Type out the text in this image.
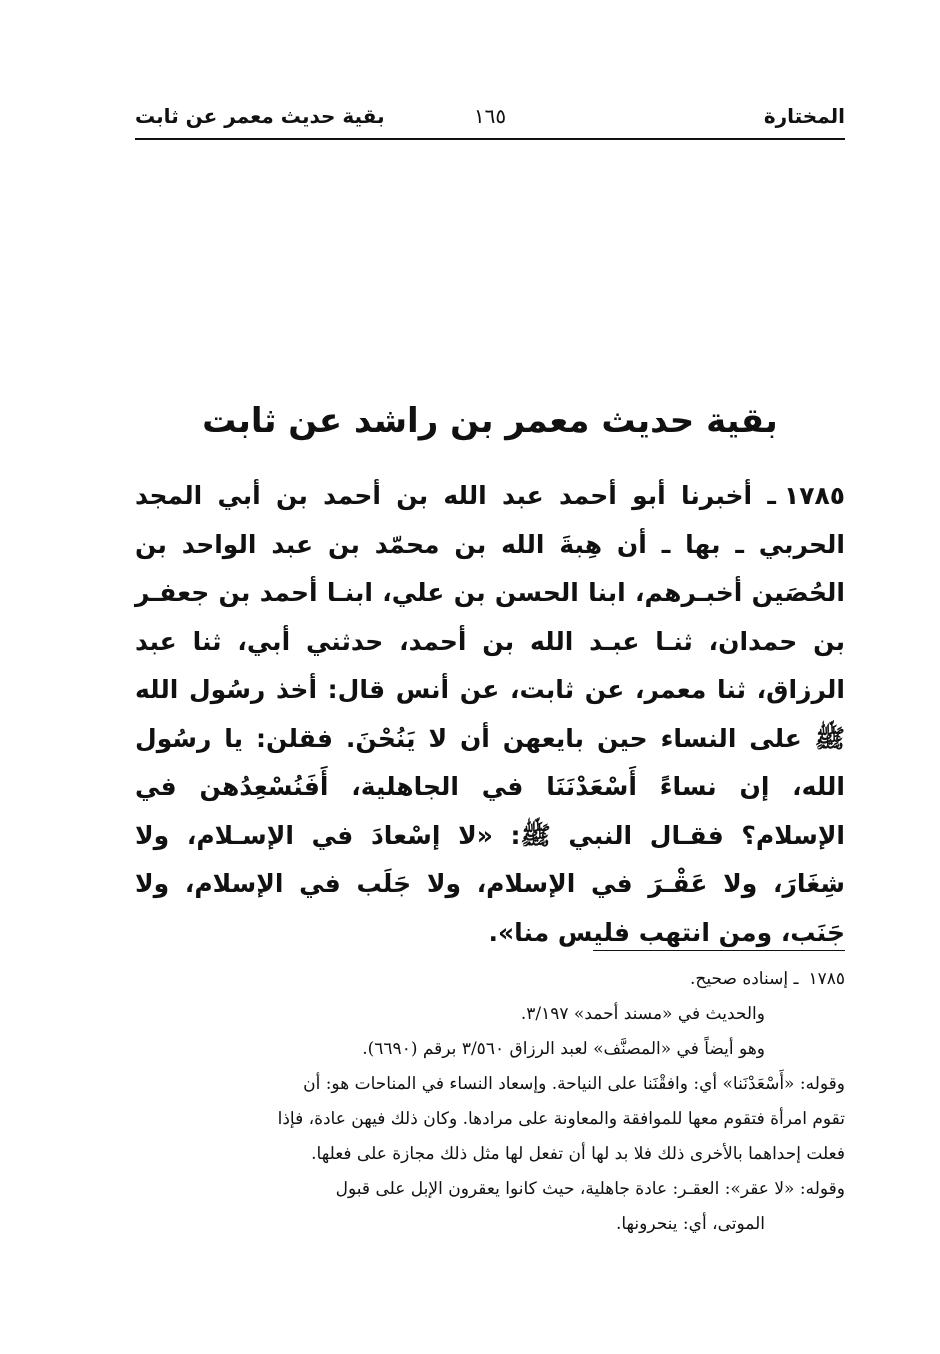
المختارة
١٦٥
بقية حديث معمر عن ثابت
بقية حديث معمر بن راشد عن ثابت
١٧٨٥ـ أخبرنا أبو أحمد عبد الله بن أحمد بن أبي المجد الحربي ـ بها ـ أن هِبةَ الله بن محمّد بن عبد الواحد بن الحُصَين أخبـرهم، ابنا الحسن بن علي، ابنـا أحمد بن جعفـر بن حمدان، ثنـا عبـد الله بن أحمد، حدثني أبي، ثنا عبد الرزاق، ثنا معمر، عن ثابت، عن أنس قال: أخذ رسُول الله ﷺ على النساء حين بايعهن أن لا يَنُحْنَ. فقلن: يا رسُول الله، إن نساءً أَسْعَدْنَنَا في الجاهلية، أَفَنُسْعِدُهن في الإسلام؟ فقـال النبي ﷺ: «لا إسْعادَ في الإسـلام، ولا شِغَارَ، ولا عَقْـرَ في الإسلام، ولا جَلَب في الإسلام، ولا جَنَب، ومن انتهب فليس منا».
١٧٨٥ـ إسناده صحيح.
والحديث في «مسند أحمد» ٣/١٩٧.
وهو أيضاً في «المصنَّف» لعبد الرزاق ٣/٥٦٠ برقم (٦٦٩٠).
وقوله: «أَسْعَدْنَنا» أي: وافقْنَنا على النياحة. وإسعاد النساء في المناحات هو: أن
تقوم امرأة فتقوم معها للموافقة والمعاونة على مرادها. وكان ذلك فيهن عادة، فإذا
فعلت إحداهما بالأخرى ذلك فلا بد لها أن تفعل لها مثل ذلك مجازة على فعلها.
وقوله: «لا عقر»: العقـر: عادة جاهلية، حيث كانوا يعقرون الإبل على قبول
الموتى، أي: ينحرونها.
